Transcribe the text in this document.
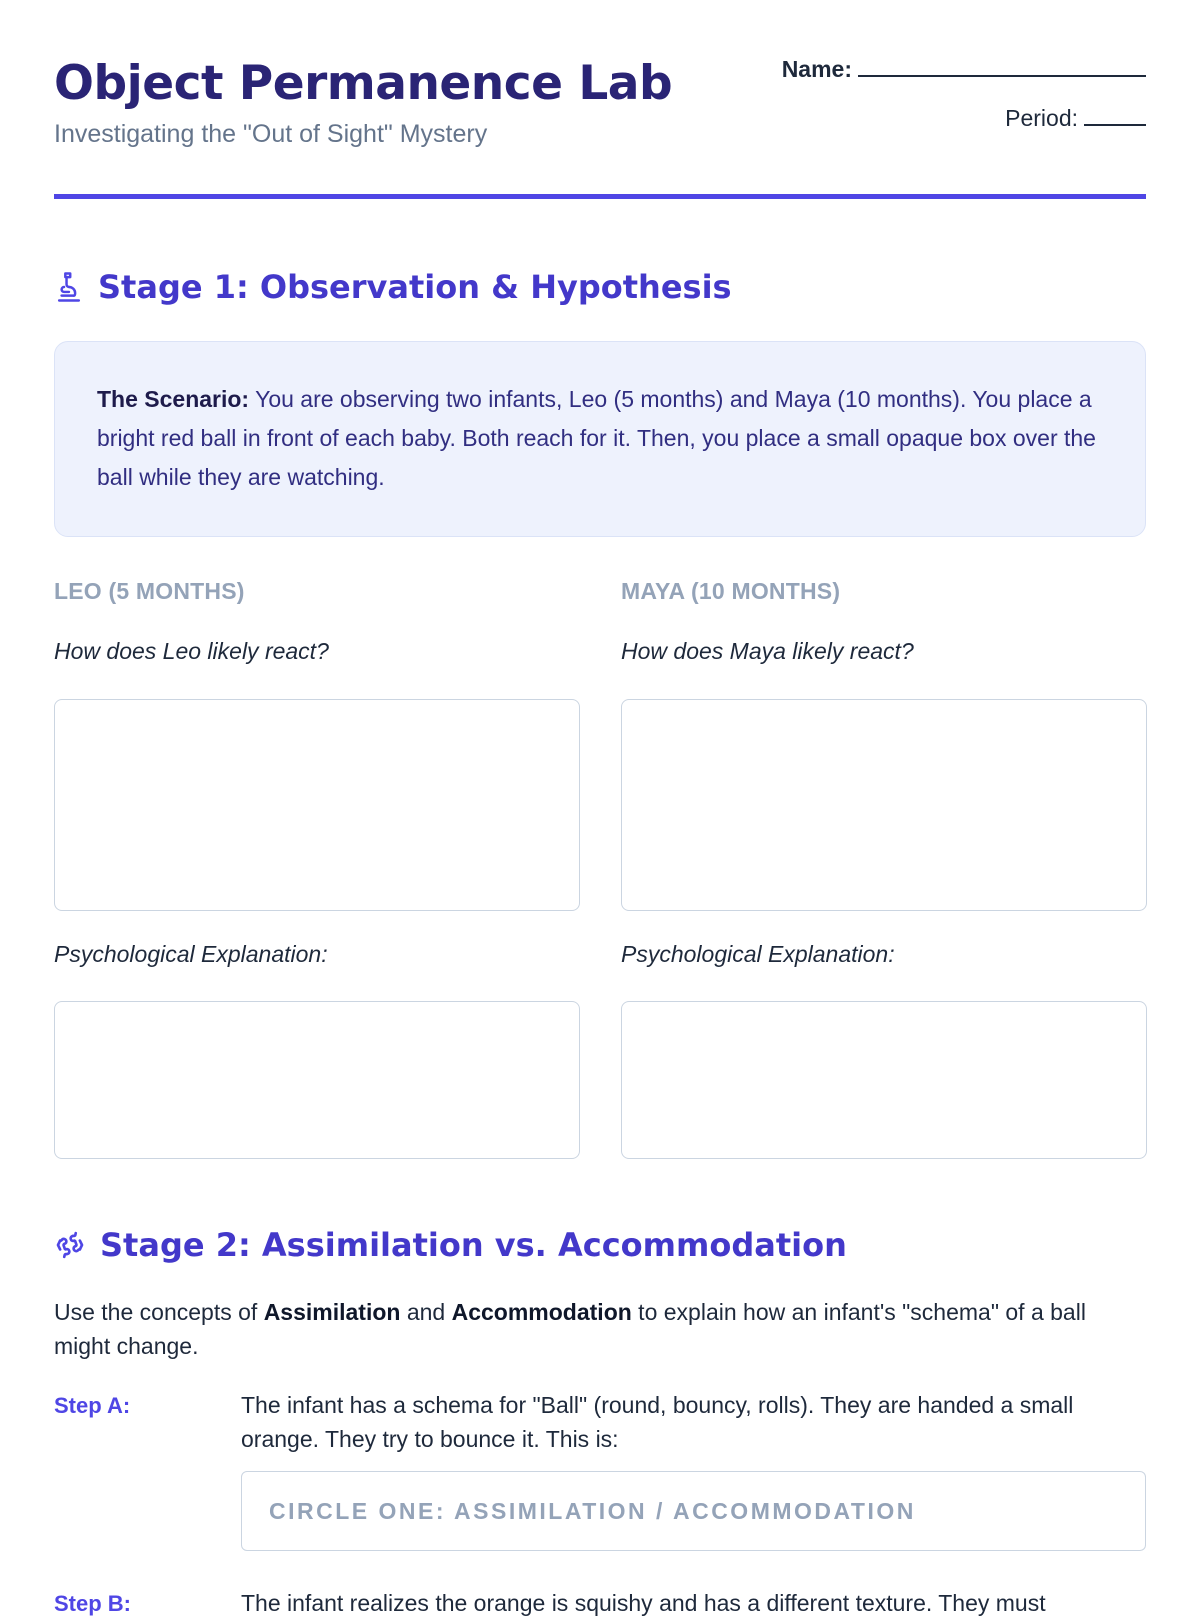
Object Permanence Lab
Investigating the "Out of Sight" Mystery
Name:
Period:
Stage 1: Observation & Hypothesis
The Scenario: You are observing two infants, Leo (5 months) and Maya (10 months). You place a bright red ball in front of each baby. Both reach for it. Then, you place a small opaque box over the ball while they are watching.
LEO (5 MONTHS)
How does Leo likely react?
Psychological Explanation:
MAYA (10 MONTHS)
How does Maya likely react?
Psychological Explanation:
Stage 2: Assimilation vs. Accommodation

Use the concepts of Assimilation and Accommodation to explain how an infant's "schema" of a ball might change.

Step A:	The infant has a schema for "Ball" (round, bouncy, rolls). They are handed a small orange. They try to bounce it. This is:
CIRCLE ONE: ASSIMILATION / ACCOMMODATION
Step B:	The infant realizes the orange is squishy and has a different texture. They must
